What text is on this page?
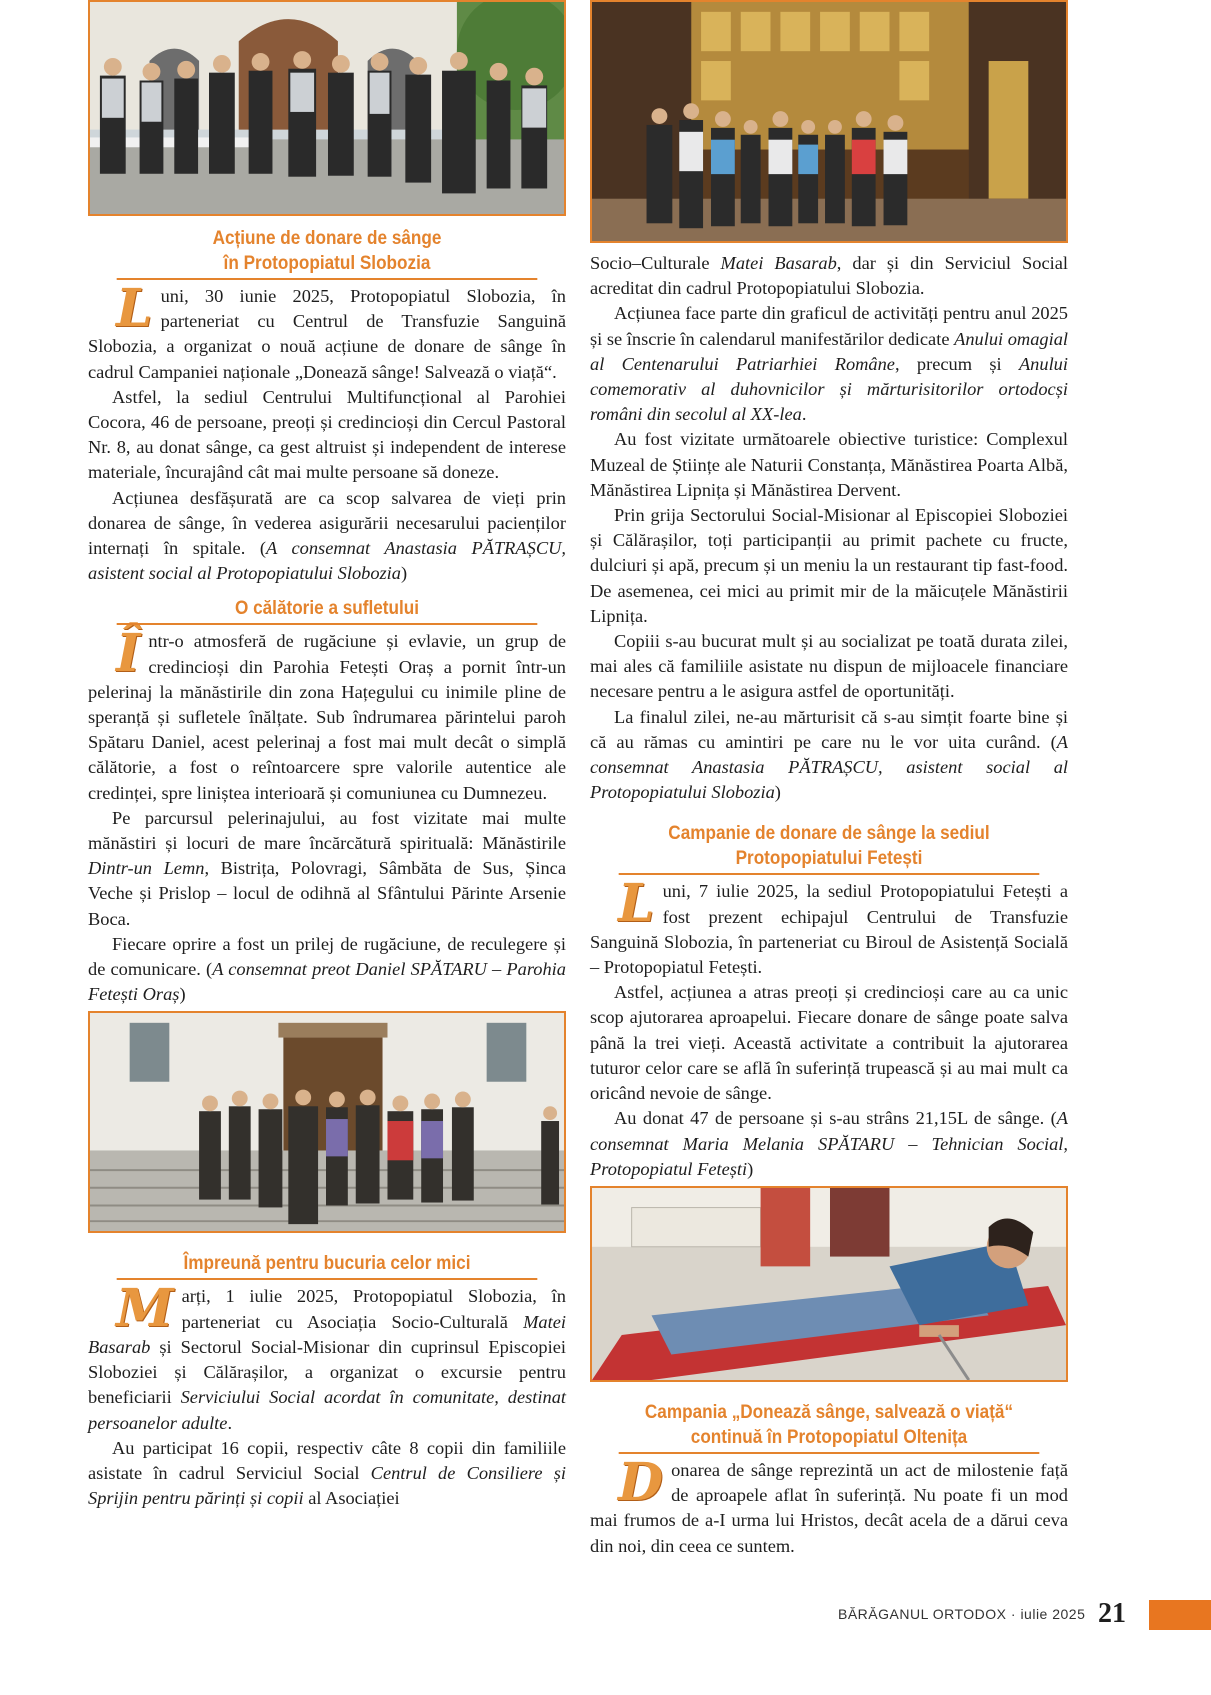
Acțiune de donare de sânge
în Protopopiatul Slobozia

Luni, 30 iunie 2025, Protopopiatul Slobozia, în parteneriat cu Centrul de Transfuzie Sanguină Slobozia, a organizat o nouă acțiune de donare de sânge în cadrul Campaniei naționale „Donează sânge! Salvează o viață“.

Astfel, la sediul Centrului Multifuncțional al Parohiei Cocora, 46 de persoane, preoți și credincioși din Cercul Pastoral Nr. 8, au donat sânge, ca gest altruist și independent de interese materiale, încurajând cât mai multe persoane să doneze.

Acțiunea desfășurată are ca scop salvarea de vieți prin donarea de sânge, în vederea asigurării necesarului pacienților internați în spitale. (A consemnat Anastasia PĂTRAȘCU, asistent social al Protopopiatului Slobozia)

O călătorie a sufletului

Într-o atmosferă de rugăciune și evlavie, un grup de credincioși din Parohia Fetești Oraș a pornit într-un pelerinaj la mănăstirile din zona Hațegului cu inimile pline de speranță și sufletele înălțate. Sub îndrumarea părintelui paroh Spătaru Daniel, acest pelerinaj a fost mai mult decât o simplă călătorie, a fost o reîntoarcere spre valorile autentice ale credinței, spre liniștea interioară și comuniunea cu Dumnezeu.

Pe parcursul pelerinajului, au fost vizitate mai multe mănăstiri și locuri de mare încărcătură spirituală: Mănăstirile Dintr-un Lemn, Bistrița, Polovragi, Sâmbăta de Sus, Șinca Veche și Prislop – locul de odihnă al Sfântului Părinte Arsenie Boca.

Fiecare oprire a fost un prilej de rugăciune, de reculegere și de comunicare. (A consemnat preot Daniel SPĂTARU – Parohia Fetești Oraș)

Împreună pentru bucuria celor mici

Marți, 1 iulie 2025, Protopopiatul Slobozia, în parteneriat cu Asociația Socio-Culturală Matei Basarab și Sectorul Social-Misionar din cuprinsul Episcopiei Sloboziei și Călărașilor, a organizat o excursie pentru beneficiarii Serviciului Social acordat în comunitate, destinat persoanelor adulte.

Au participat 16 copii, respectiv câte 8 copii din familiile asistate în cadrul Serviciul Social Centrul de Consiliere și Sprijin pentru părinți și copii al Asociației

Socio–Culturale Matei Basarab, dar și din Serviciul Social acreditat din cadrul Protopopiatului Slobozia.

Acțiunea face parte din graficul de activități pentru anul 2025 și se înscrie în calendarul manifestărilor dedicate Anului omagial al Centenarului Patriarhiei Române, precum și Anului comemorativ al duhovnicilor și mărturisitorilor ortodocși români din secolul al XX-lea.

Au fost vizitate următoarele obiective turistice: Complexul Muzeal de Științe ale Naturii Constanța, Mănăstirea Poarta Albă, Mănăstirea Lipnița și Mănăstirea Dervent.

Prin grija Sectorului Social-Misionar al Episcopiei Sloboziei și Călărașilor, toți participanții au primit pachete cu fructe, dulciuri și apă, precum și un meniu la un restaurant tip fast-food. De asemenea, cei mici au primit mir de la măicuțele Mănăstirii Lipnița.

Copiii s-au bucurat mult și au socializat pe toată durata zilei, mai ales că familiile asistate nu dispun de mijloacele financiare necesare pentru a le asigura astfel de oportunități.

La finalul zilei, ne-au mărturisit că s-au simțit foarte bine și că au rămas cu amintiri pe care nu le vor uita curând. (A consemnat Anastasia PĂTRAȘCU, asistent social al Protopopiatului Slobozia)

Campanie de donare de sânge la sediul
Protopopiatului Fetești

Luni, 7 iulie 2025, la sediul Protopopiatului Fetești a fost prezent echipajul Centrului de Transfuzie Sanguină Slobozia, în parteneriat cu Biroul de Asistență Socială – Protopopiatul Fetești.

Astfel, acțiunea a atras preoți și credincioși care au ca unic scop ajutorarea aproapelui. Fiecare donare de sânge poate salva până la trei vieți. Această activitate a contribuit la ajutorarea tuturor celor care se află în suferință trupească și au mai mult ca oricând nevoie de sânge.

Au donat 47 de persoane și s-au strâns 21,15L de sânge. (A consemnat Maria Melania SPĂTARU – Tehnician Social, Protopopiatul Fetești)

Campania „Donează sânge, salvează o viață“
continuă în Protopopiatul Oltenița

Donarea de sânge reprezintă un act de milostenie față de aproapele aflat în suferință. Nu poate fi un mod mai frumos de a-I urma lui Hristos, decât acela de a dărui ceva din noi, din ceea ce suntem.

BĂRĂGANUL ORTODOX · iulie 2025 21
